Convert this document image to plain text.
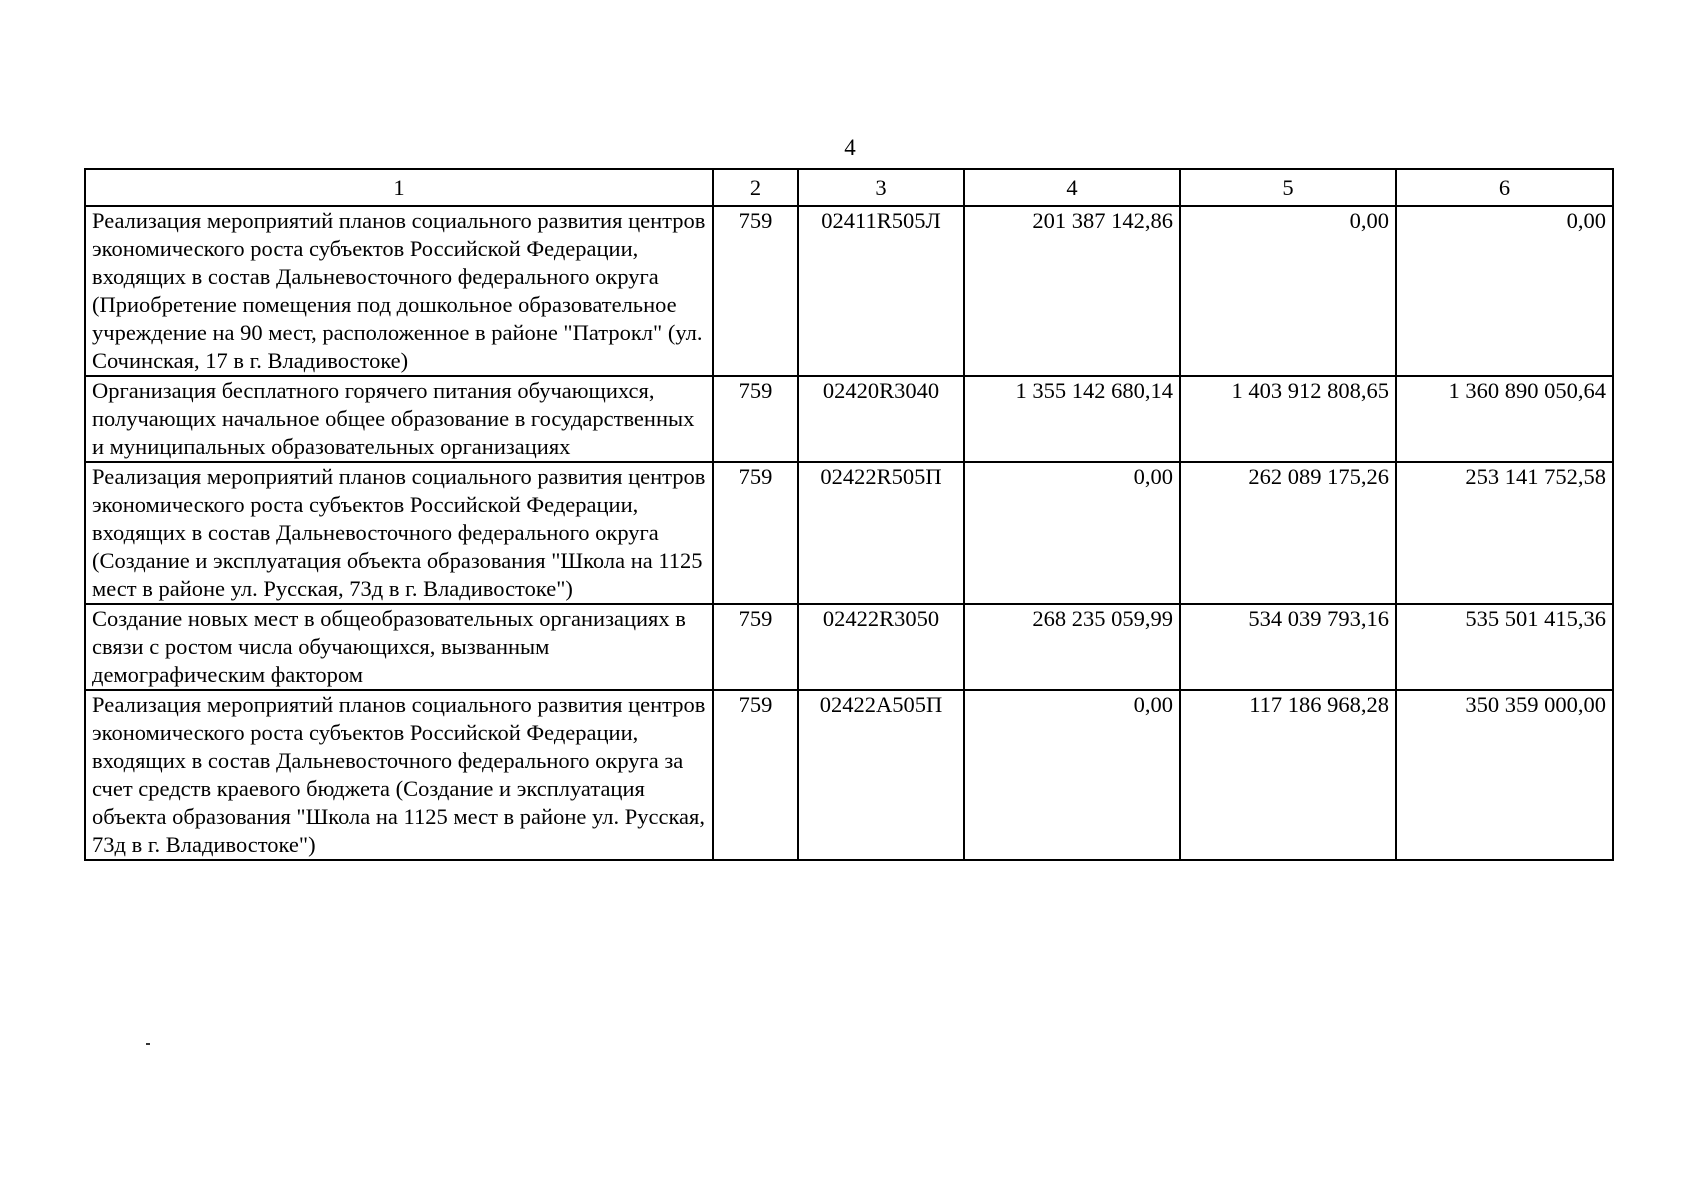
4
1	2	3	4	5	6
Реализация мероприятий планов социального развития центров экономического роста субъектов Российской Федерации, входящих в состав Дальневосточного федерального округа (Приобретение помещения под дошкольное образовательное учреждение на 90 мест, расположенное в районе "Патрокл" (ул. Сочинская, 17 в г. Владивостоке)	759	02411R505Л	201 387 142,86	0,00	0,00
Организация бесплатного горячего питания обучающихся, получающих начальное общее образование в государственных и муниципальных образовательных организациях	759	02420R3040	1 355 142 680,14	1 403 912 808,65	1 360 890 050,64
Реализация мероприятий планов социального развития центров экономического роста субъектов Российской Федерации, входящих в состав Дальневосточного федерального округа (Создание и эксплуатация объекта образования "Школа на 1125 мест в районе ул. Русская, 73д в г. Владивостоке")	759	02422R505П	0,00	262 089 175,26	253 141 752,58
Создание новых мест в общеобразовательных организациях в связи с ростом числа обучающихся, вызванным демографическим фактором	759	02422R3050	268 235 059,99	534 039 793,16	535 501 415,36
Реализация мероприятий планов социального развития центров экономического роста субъектов Российской Федерации, входящих в состав Дальневосточного федерального округа за счет средств краевого бюджета (Создание и эксплуатация объекта образования "Школа на 1125 мест в районе ул. Русская, 73д в г. Владивостоке")	759	02422A505П	0,00	117 186 968,28	350 359 000,00
